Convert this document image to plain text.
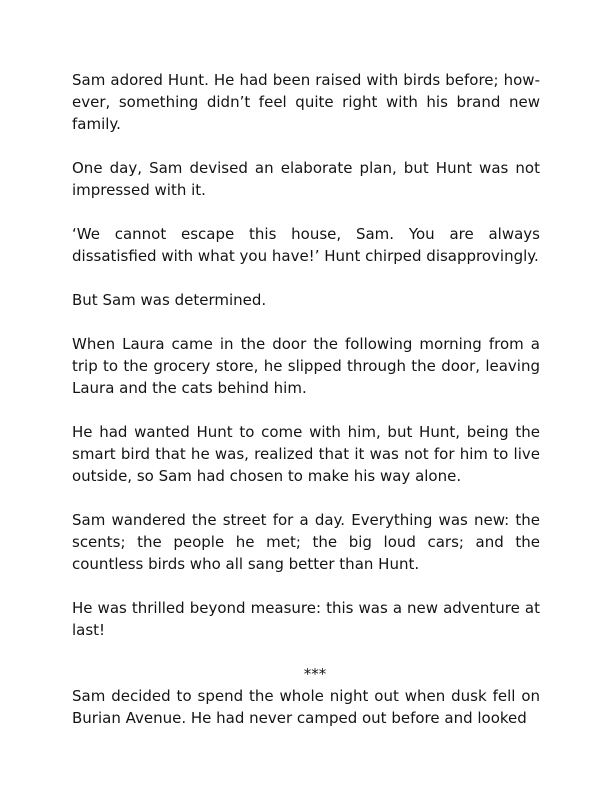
Sam adored Hunt. He had been raised with birds before; however, something didn’t feel quite right with his brand new family.

One day, Sam devised an elaborate plan, but Hunt was not impressed with it.

‘We cannot escape this house, Sam. You are always dissatisfied with what you have!’ Hunt chirped disapprovingly.

But Sam was determined.

When Laura came in the door the following morning from a trip to the grocery store, he slipped through the door, leaving Laura and the cats behind him.

He had wanted Hunt to come with him, but Hunt, being the smart bird that he was, realized that it was not for him to live outside, so Sam had chosen to make his way alone.

Sam wandered the street for a day. Everything was new: the scents; the people he met; the big loud cars; and the countless birds who all sang better than Hunt.

He was thrilled beyond measure: this was a new adventure at last!

***

Sam decided to spend the whole night out when dusk fell on Burian Avenue. He had never camped out before and looked
